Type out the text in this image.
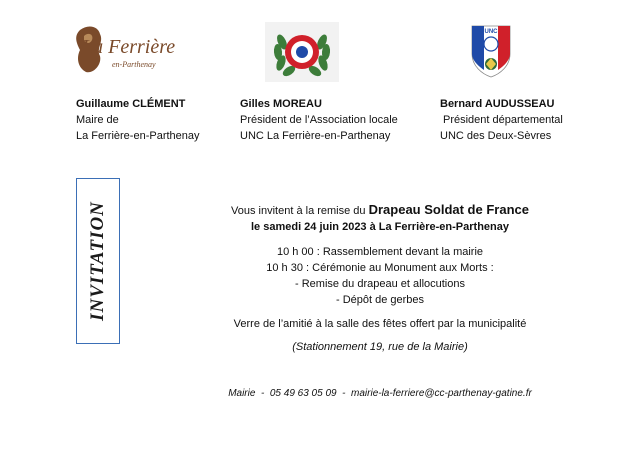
La Ferrière
en-Parthenay
UNC
Guillaume CLÉMENT
Maire de
La Ferrière-en-Parthenay
Gilles MOREAU
Président de l’Association locale
UNC La Ferrière-en-Parthenay
Bernard AUDUSSEAU
Président départemental
UNC des Deux-Sèvres
INVITATION	Vous invitent à la remise du Drapeau Soldat de France
le samedi 24 juin 2023 à La Ferrière-en-Parthenay
10 h 00 : Rassemblement devant la mairie
10 h 30 : Cérémonie au Monument aux Morts :
- Remise du drapeau et allocutions
- Dépôt de gerbes
Verre de l’amitié à la salle des fêtes offert par la municipalité
(Stationnement 19, rue de la Mairie)
Mairie  -  05 49 63 05 09  -  mairie-la-ferriere@cc-parthenay-gatine.fr
